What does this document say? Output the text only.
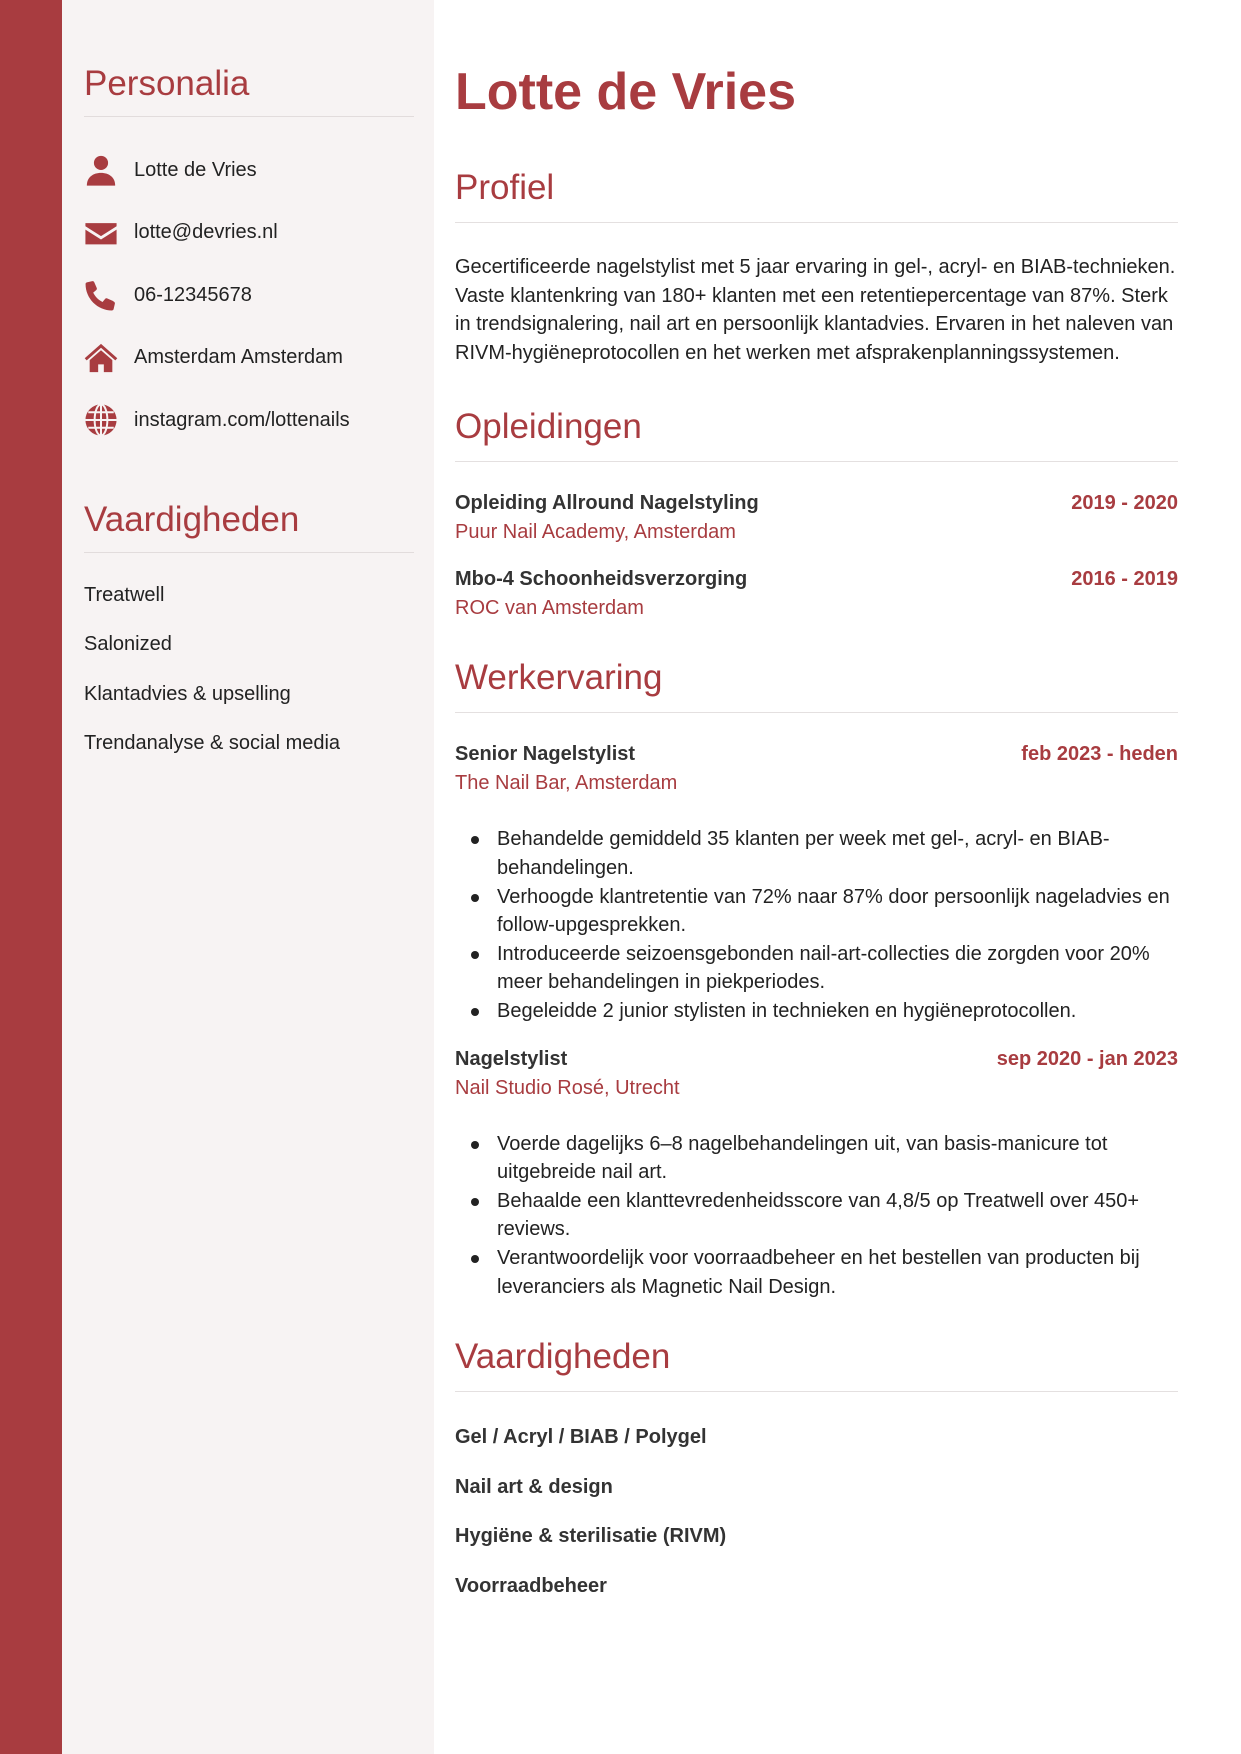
Personalia
Lotte de Vries
lotte@devries.nl
06-12345678
Amsterdam Amsterdam
instagram.com/lottenails
Vaardigheden
Treatwell
Salonized
Klantadvies & upselling
Trendanalyse & social media
Lotte de Vries
Profiel

Gecertificeerde nagelstylist met 5 jaar ervaring in gel-, acryl- en BIAB-technieken. Vaste klantenkring van 180+ klanten met een retentiepercentage van 87%. Sterk in trendsignalering, nail art en persoonlijk klantadvies. Ervaren in het naleven van RIVM-hygiëneprotocollen en het werken met afsprakenplanningssystemen.

Opleidingen
Opleiding Allround Nagelstyling	2019 - 2020
Puur Nail Academy, Amsterdam
Mbo-4 Schoonheidsverzorging	2016 - 2019
ROC van Amsterdam
Werkervaring
Senior Nagelstylist	feb 2023 - heden
The Nail Bar, Amsterdam
Behandelde gemiddeld 35 klanten per week met gel-, acryl- en BIAB-behandelingen.
Verhoogde klantretentie van 72% naar 87% door persoonlijk nageladvies en follow-upgesprekken.
Introduceerde seizoensgebonden nail-art-collecties die zorgden voor 20% meer behandelingen in piekperiodes.
Begeleidde 2 junior stylisten in technieken en hygiëneprotocollen.
Nagelstylist	sep 2020 - jan 2023
Nail Studio Rosé, Utrecht
Voerde dagelijks 6–8 nagelbehandelingen uit, van basis-manicure tot uitgebreide nail art.
Behaalde een klanttevredenheidsscore van 4,8/5 op Treatwell over 450+ reviews.
Verantwoordelijk voor voorraadbeheer en het bestellen van producten bij leveranciers als Magnetic Nail Design.
Vaardigheden
Gel / Acryl / BIAB / Polygel
Nail art & design
Hygiëne & sterilisatie (RIVM)
Voorraadbeheer
